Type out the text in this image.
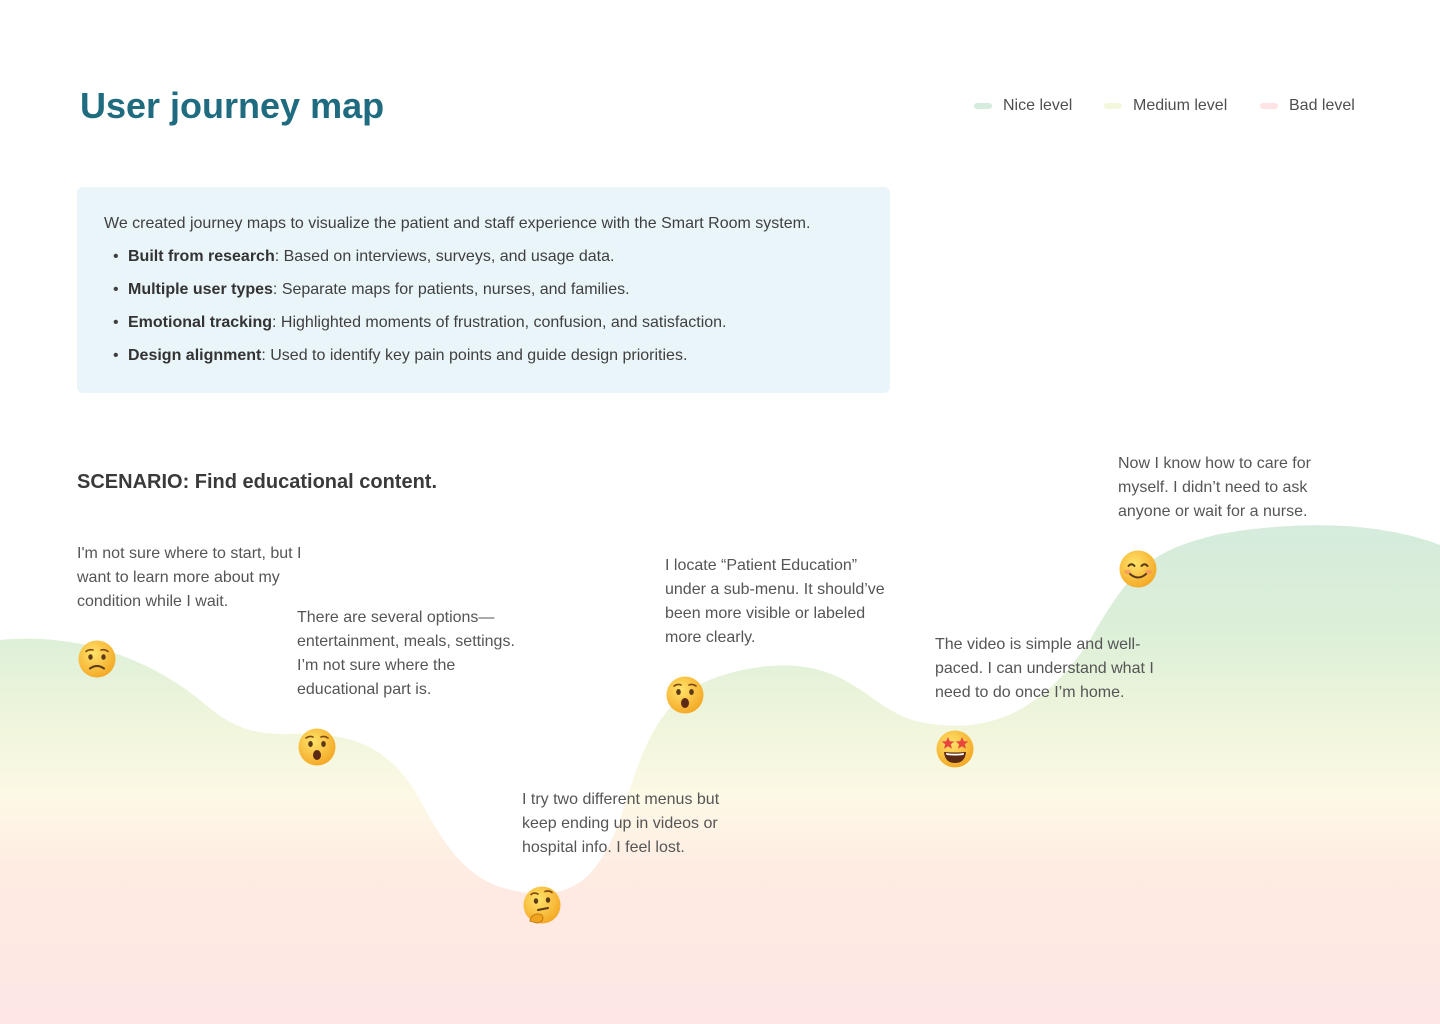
User journey map	Nice level	Medium level	Bad level

We created journey maps to visualize the patient and staff experience with the Smart Room system.

• Built from research: Based on interviews, surveys, and usage data.
• Multiple user types: Separate maps for patients, nurses, and families.
• Emotional tracking: Highlighted moments of frustration, confusion, and satisfaction.
• Design alignment: Used to identify key pain points and guide design priorities.
SCENARIO: Find educational content.

I'm not sure where to start, but I want to learn more about my condition while I wait.

There are several options—entertainment, meals, settings. I’m not sure where the educational part is.

I try two different menus but keep ending up in videos or hospital info. I feel lost.

I locate “Patient Education” under a sub-menu. It should’ve been more visible or labeled more clearly.	The video is simple and well-paced. I can understand what I need to do once I’m home.

Now I know how to care for myself. I didn’t need to ask anyone or wait for a nurse.
